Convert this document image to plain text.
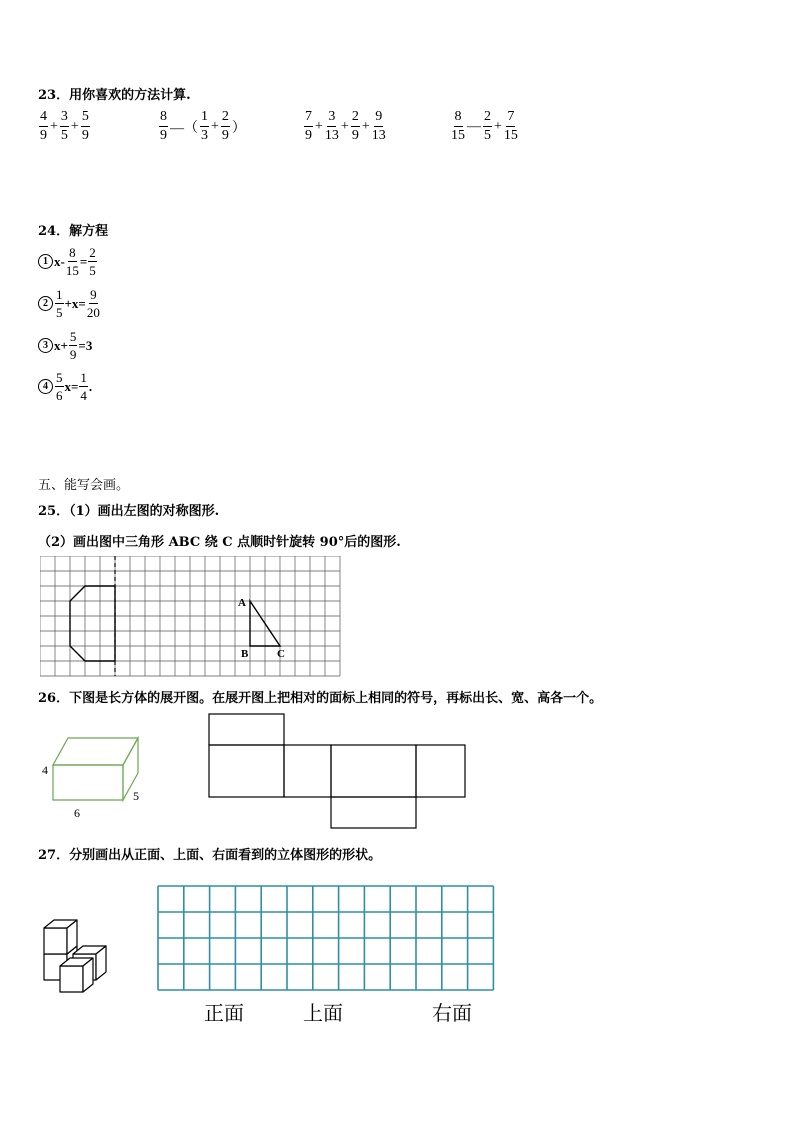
23．用你喜欢的方法计算.
$\frac{4}{9} + \frac{3}{5} + \frac{5}{9}$	$\frac{8}{9}$ —（ $\frac{1}{3} + \frac{2}{9}$ ）	$\frac{7}{9} + \frac{3}{13} + \frac{2}{9} + \frac{9}{13}$	$\frac{8}{15}$ — $\frac{2}{5} + \frac{7}{15}$
24．解方程
1 $x- \frac{8}{15} = \frac{2}{5}$
$2 \frac{1}{5} +x= \frac{9}{20}$
3 $x+ \frac{5}{9} =3$
$4 \frac{5}{6} x= \frac{1}{4}$ .
五、能写会画。
25．（1）画出左图的对称图形.
（2）画出图中三角形 ABC 绕 C 点顺时针旋转 90°后的图形.
A
B	C
26．下图是长方体的展开图。在展开图上把相对的面标上相同的符号，再标出长、宽、高各一个。
4
6
5
27．分别画出从正面、上面、右面看到的立体图形的形状。
正面	上面	右面
